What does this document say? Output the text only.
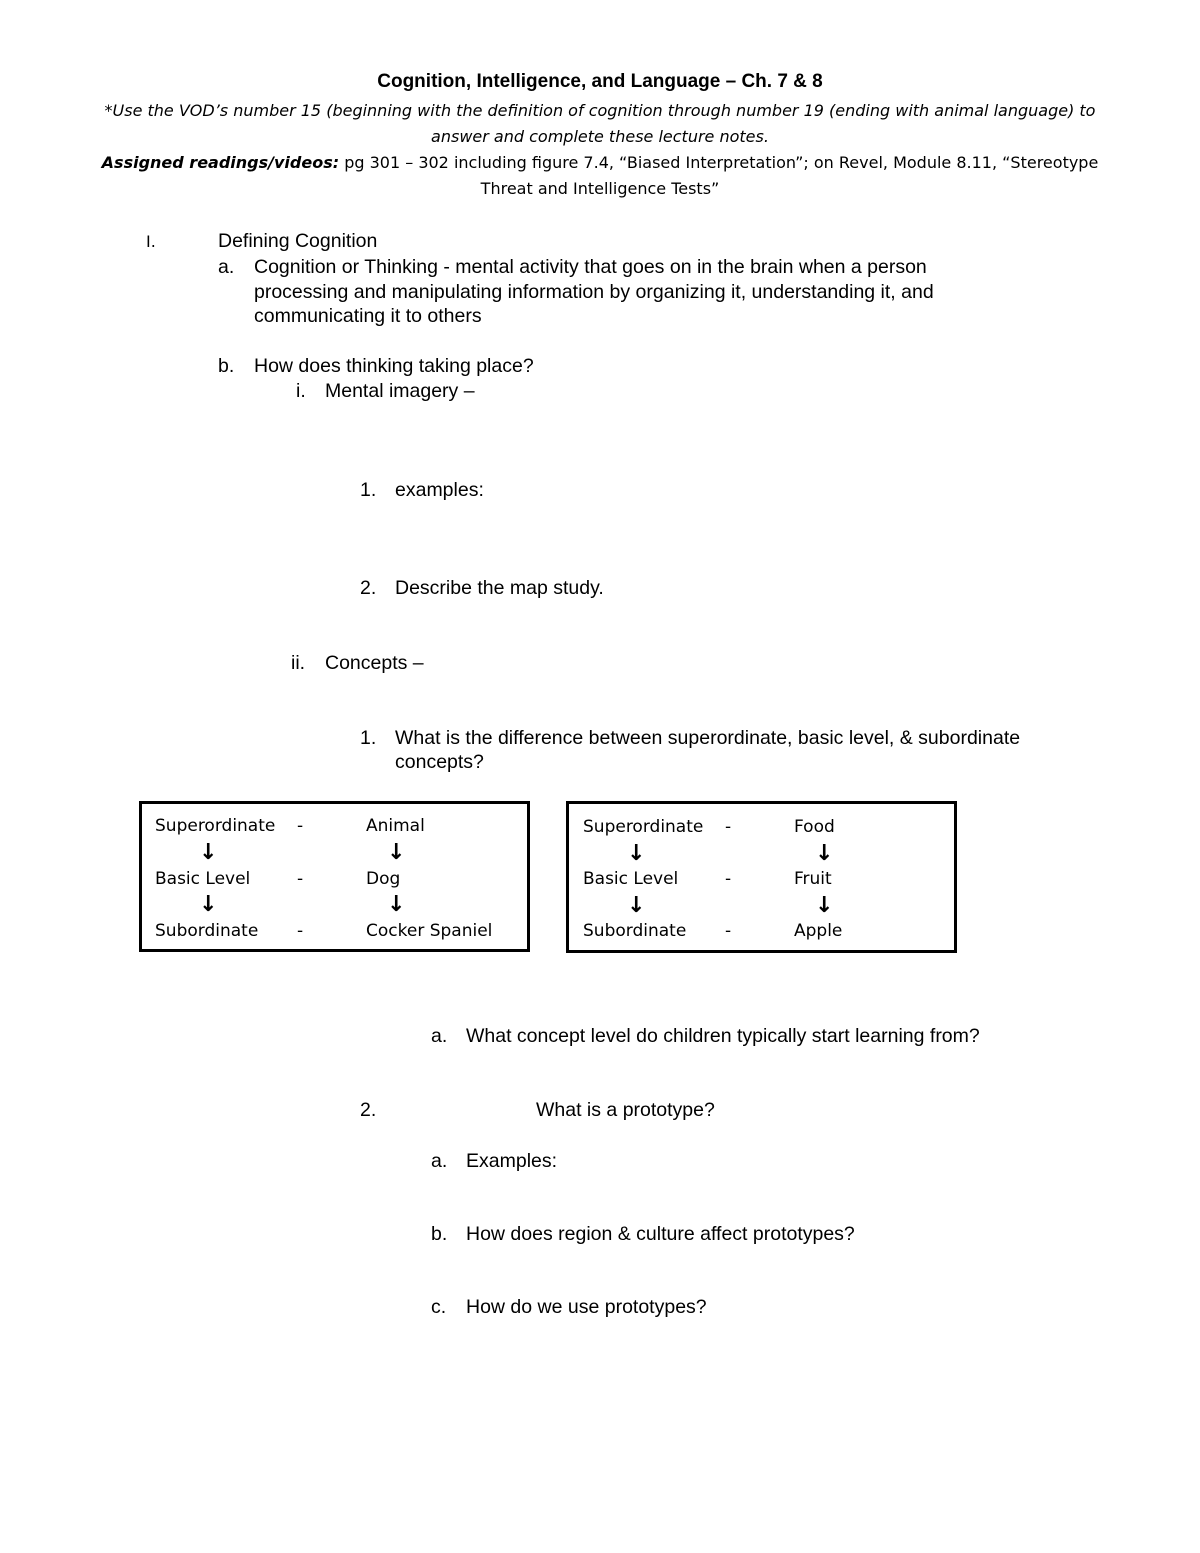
Cognition, Intelligence, and Language – Ch. 7 & 8
*Use the VOD’s number 15 (beginning with the definition of cognition through number 19 (ending with animal language) to answer and complete these lecture notes.
Assigned readings/videos: pg 301 – 302 including figure 7.4, “Biased Interpretation”; on Revel, Module 8.11, “Stereotype Threat and Intelligence Tests”
I.	Defining Cognition
a. Cognition or Thinking - mental activity that goes on in the brain when a person
processing and manipulating information by organizing it, understanding it, and
communicating it to others
b. How does thinking taking place?
i. Mental imagery –
1. examples:
2. Describe the map study.
ii. Concepts –
1. What is the difference between superordinate, basic level, & subordinate
concepts?
Superordinate -	Animal
↓	↓
Basic Level	-	Dog
↓	↓
Subordinate -	Cocker Spaniel
Superordinate -	Food
↓	↓
Basic Level	-	Fruit
↓	↓
Subordinate -	Apple
a. What concept level do children typically start learning from?
2.	What is a prototype?
a. Examples:
b. How does region & culture affect prototypes?
c. How do we use prototypes?
